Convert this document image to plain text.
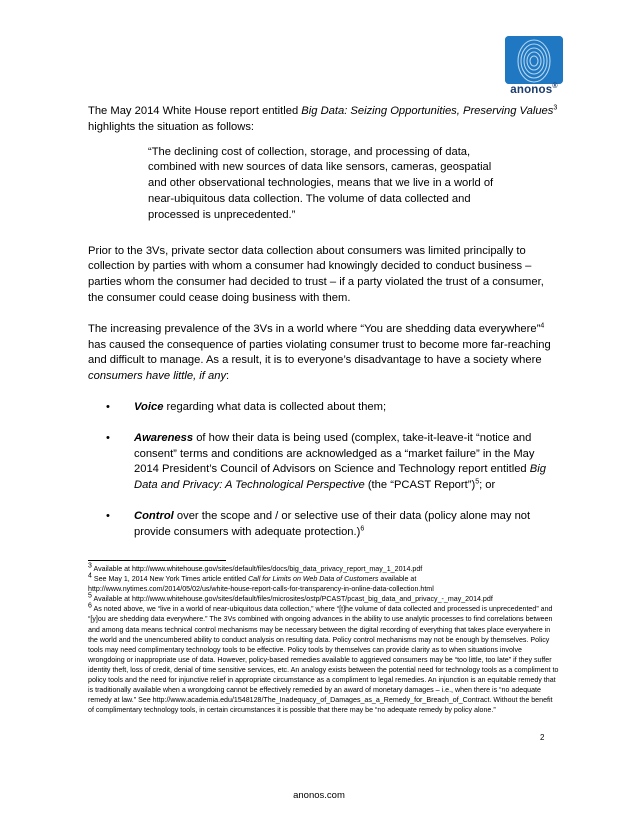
anonos®

The May 2014 White House report entitled Big Data: Seizing Opportunities, Preserving Values$^3$ highlights the situation as follows:

“The declining cost of collection, storage, and processing of data, combined with new sources of data like sensors, cameras, geospatial and other observational technologies, means that we live in a world of near-ubiquitous data collection. The volume of data collected and processed is unprecedented.”

Prior to the 3Vs, private sector data collection about consumers was limited principally to collection by parties with whom a consumer had knowingly decided to conduct business – parties whom the consumer had decided to trust – if a party violated the trust of a consumer, the consumer could cease doing business with them.

The increasing prevalence of the 3Vs in a world where “You are shedding data everywhere”$^4$ has caused the consequence of parties violating consumer trust to become more far-reaching and difficult to manage. As a result, it is to everyone’s disadvantage to have a society where consumers have little, if any:

• Voice regarding what data is collected about them;
• Awareness of how their data is being used (complex, take-it-leave-it “notice and consent” terms and conditions are acknowledged as a “market failure” in the May 2014 President’s Council of Advisors on Science and Technology report entitled Big Data and Privacy: A Technological Perspective (the “PCAST Report”)$^5$; or
• Control over the scope and / or selective use of their data (policy alone may not provide consumers with adequate protection.)$^6$

$^3$ Available at http://www.whitehouse.gov/sites/default/files/docs/big_data_privacy_report_may_1_2014.pdf

$^4$ See May 1, 2014 New York Times article entitled Call for Limits on Web Data of Customers available at http://www.nytimes.com/2014/05/02/us/white-house-report-calls-for-transparency-in-online-data-collection.html

$^5$ Available at http://www.whitehouse.gov/sites/default/files/microsites/ostp/PCAST/pcast_big_data_and_privacy_-_may_2014.pdf

$^6$ As noted above, we “live in a world of near-ubiquitous data collection,” where “[t]he volume of data collected and processed is unprecedented” and “[y]ou are shedding data everywhere.” The 3Vs combined with ongoing advances in the ability to use analytic processes to find correlations between and among data means technical control mechanisms may be necessary between the digital recording of everything that takes place everywhere in the world and the unencumbered ability to conduct analysis on resulting data. Policy control mechanisms may not be enough by themselves. Policy tools may need complimentary technology tools to be effective. Policy tools by themselves can provide clarity as to when situations involve wrongdoing or inappropriate use of data. However, policy-based remedies available to aggrieved consumers may be “too little, too late” if they suffer identity theft, loss of credit, denial of time sensitive services, etc. An analogy exists between the potential need for technology tools as a compliment to policy tools and the need for injunctive relief in appropriate circumstance as a compliment to legal remedies. An injunction is an equitable remedy that is traditionally available when a wrongdoing cannot be effectively remedied by an award of monetary damages – i.e., when there is “no adequate remedy at law.” See http://www.academia.edu/1548128/The_Inadequacy_of_Damages_as_a_Remedy_for_Breach_of_Contract. Without the benefit of complimentary technology tools, in certain circumstances it is possible that there may be “no adequate remedy by policy alone.”

2
anonos.com
